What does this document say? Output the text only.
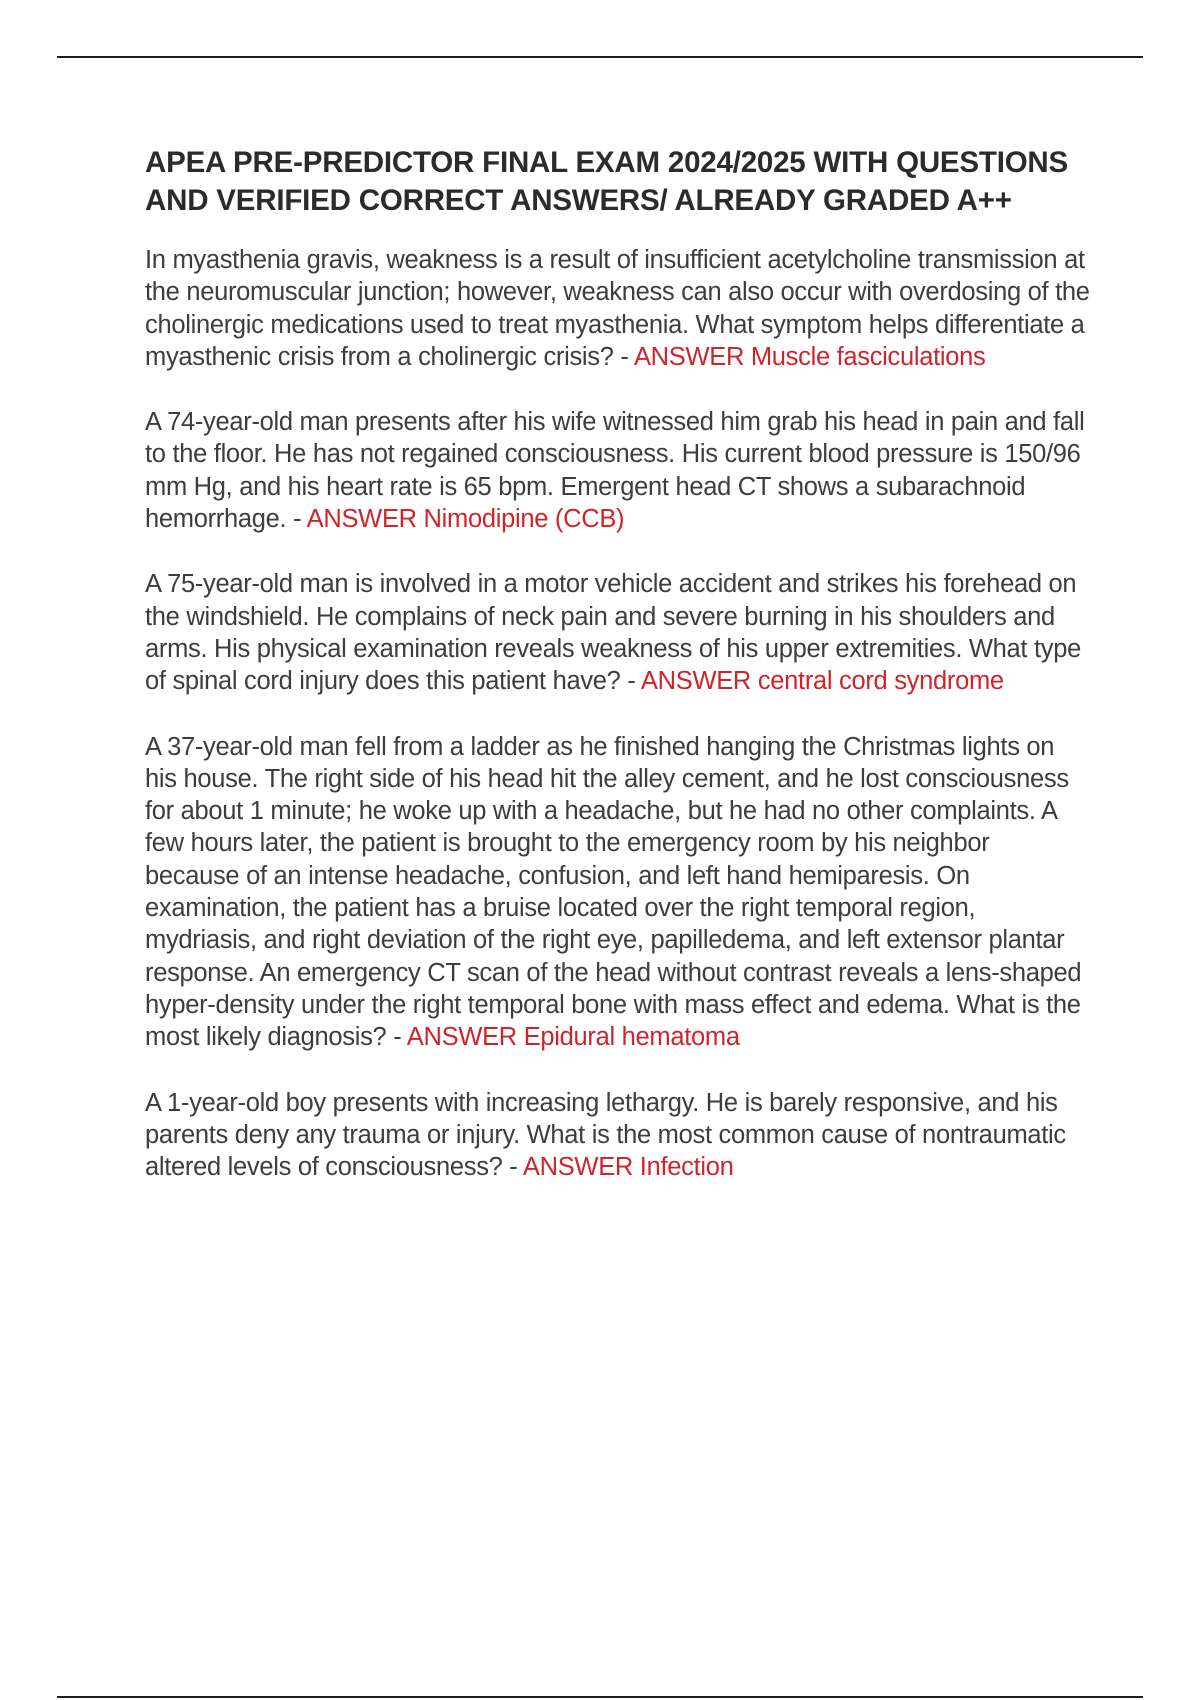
APEA PRE-PREDICTOR FINAL EXAM 2024/2025 WITH QUESTIONS AND VERIFIED CORRECT ANSWERS/ ALREADY GRADED A++

In myasthenia gravis, weakness is a result of insufficient acetylcholine transmission at the neuromuscular junction; however, weakness can also occur with overdosing of the cholinergic medications used to treat myasthenia. What symptom helps differentiate a myasthenic crisis from a cholinergic crisis? - ANSWER Muscle fasciculations

A 74-year-old man presents after his wife witnessed him grab his head in pain and fall to the floor. He has not regained consciousness. His current blood pressure is 150/96 mm Hg, and his heart rate is 65 bpm. Emergent head CT shows a subarachnoid hemorrhage. - ANSWER Nimodipine (CCB)

A 75-year-old man is involved in a motor vehicle accident and strikes his forehead on the windshield. He complains of neck pain and severe burning in his shoulders and arms. His physical examination reveals weakness of his upper extremities. What type of spinal cord injury does this patient have? - ANSWER central cord syndrome

A 37-year-old man fell from a ladder as he finished hanging the Christmas lights on his house. The right side of his head hit the alley cement, and he lost consciousness for about 1 minute; he woke up with a headache, but he had no other complaints. A few hours later, the patient is brought to the emergency room by his neighbor because of an intense headache, confusion, and left hand hemiparesis. On examination, the patient has a bruise located over the right temporal region, mydriasis, and right deviation of the right eye, papilledema, and left extensor plantar response. An emergency CT scan of the head without contrast reveals a lens-shaped hyper-density under the right temporal bone with mass effect and edema. What is the most likely diagnosis? - ANSWER Epidural hematoma

A 1-year-old boy presents with increasing lethargy. He is barely responsive, and his parents deny any trauma or injury. What is the most common cause of nontraumatic altered levels of consciousness? - ANSWER Infection
